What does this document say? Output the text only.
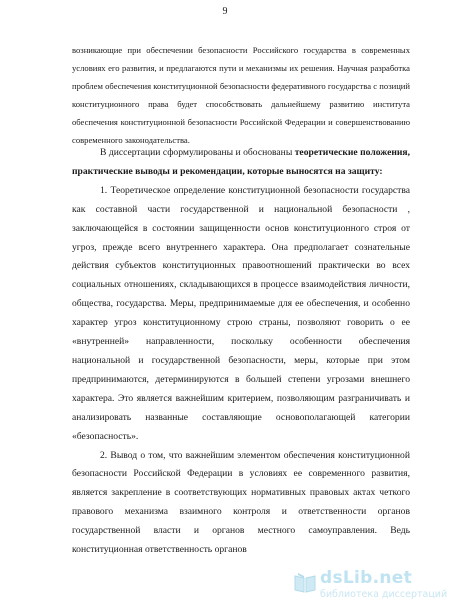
9

возникающие при обеспечении безопасности Российского государства в современных условиях его развития, и предлагаются пути и механизмы их решения. Научная разработка проблем обеспечения конституционной безопасности федеративного государства с позиций конституционного права будет способствовать дальнейшему развитию института обеспечения конституционной безопасности Российской Федерации и совершенствованию современного законодательства.

В диссертации сформулированы и обоснованы теоретические положения, практические выводы и рекомендации, которые выносятся на защиту:

1. Теоретическое определение конституционной безопасности государства как составной части государственной и национальной безопасности , заключающейся в состоянии защищенности основ конституционного строя от угроз, прежде всего внутреннего характера. Она предполагает сознательные действия субъектов конституционных правоотношений практически во всех социальных отношениях, складывающихся в процессе взаимодействия личности, общества, государства. Меры, предпринимаемые для ее обеспечения, и особенно характер угроз конституционному строю страны, позволяют говорить о ее «внутренней» направленности, поскольку особенности обеспечения национальной и государственной безопасности, меры, которые при этом предпринимаются, детерминируются в большей степени угрозами внешнего характера. Это является важнейшим критерием, позволяющим разграничивать и анализировать названные составляющие основополагающей категории «безопасность».

2. Вывод о том, что важнейшим элементом обеспечения конституционной безопасности Российской Федерации в условиях ее современного развития, является закрепление в соответствующих нормативных правовых актах четкого правового механизма взаимного контроля и ответственности органов государственной власти и органов местного самоуправления. Ведь конституционная ответственность органов

dsLib.net
библиотека диссертаций
